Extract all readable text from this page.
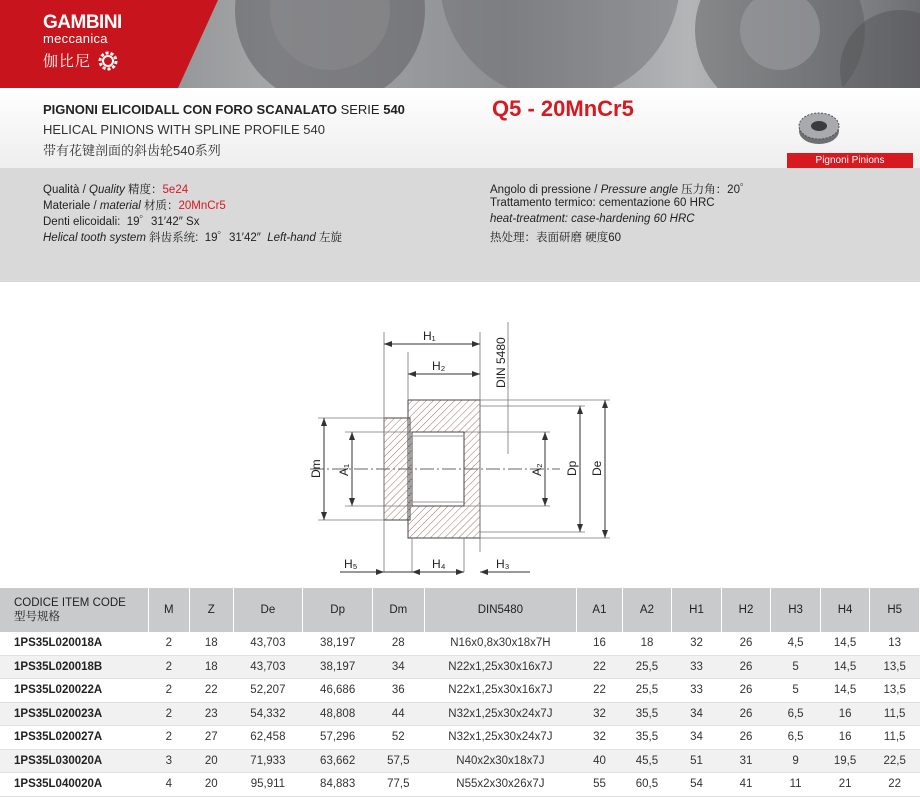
GAMBINI
meccanica
伽比尼
PIGNONI ELICOIDALL CON FORO SCANALATO SERIE 540
HELICAL PINIONS WITH SPLINE PROFILE 540
带有花键剖面的斜齿轮540系列
Q5 - 20MnCr5
Pignoni Pinions
Qualità / Quality 精度：5e24
Materiale / material 材质：20MnCr5
Denti elicoidali: 19゜31′42″ Sx
Helical tooth system 斜齿系统: 19゜31′42″ Left-hand 左旋
Angolo di pressione / Pressure angle 压力角：20゜
Trattamento termico: cementazione 60 HRC
heat-treatment: case-hardening 60 HRC
热处理：表面研磨 硬度60
H₁
H₂	DIN 5480
Dm A₁	A₂ Dp De
H₅	H₄	H₃
CODICE ITEM CODE
型号规格	M	Z	De	Dp	Dm	DIN5480	A1	A2	H1	H2	H3	H4	H5
1PS35L020018A	2	18	43,703	38,197	28	N16x0,8x30x18x7H	16	18	32	26	4,5	14,5	13
1PS35L020018B	2	18	43,703	38,197	34	N22x1,25x30x16x7J	22	25,5	33	26	5	14,5	13,5
1PS35L020022A	2	22	52,207	46,686	36	N22x1,25x30x16x7J	22	25,5	33	26	5	14,5	13,5
1PS35L020023A	2	23	54,332	48,808	44	N32x1,25x30x24x7J	32	35,5	34	26	6,5	16	11,5
1PS35L020027A	2	27	62,458	57,296	52	N32x1,25x30x24x7J	32	35,5	34	26	6,5	16	11,5
1PS35L030020A	3	20	71,933	63,662	57,5	N40x2x30x18x7J	40	45,5	51	31	9	19,5	22,5
1PS35L040020A	4	20	95,911	84,883	77,5	N55x2x30x26x7J	55	60,5	54	41	11	21	22
